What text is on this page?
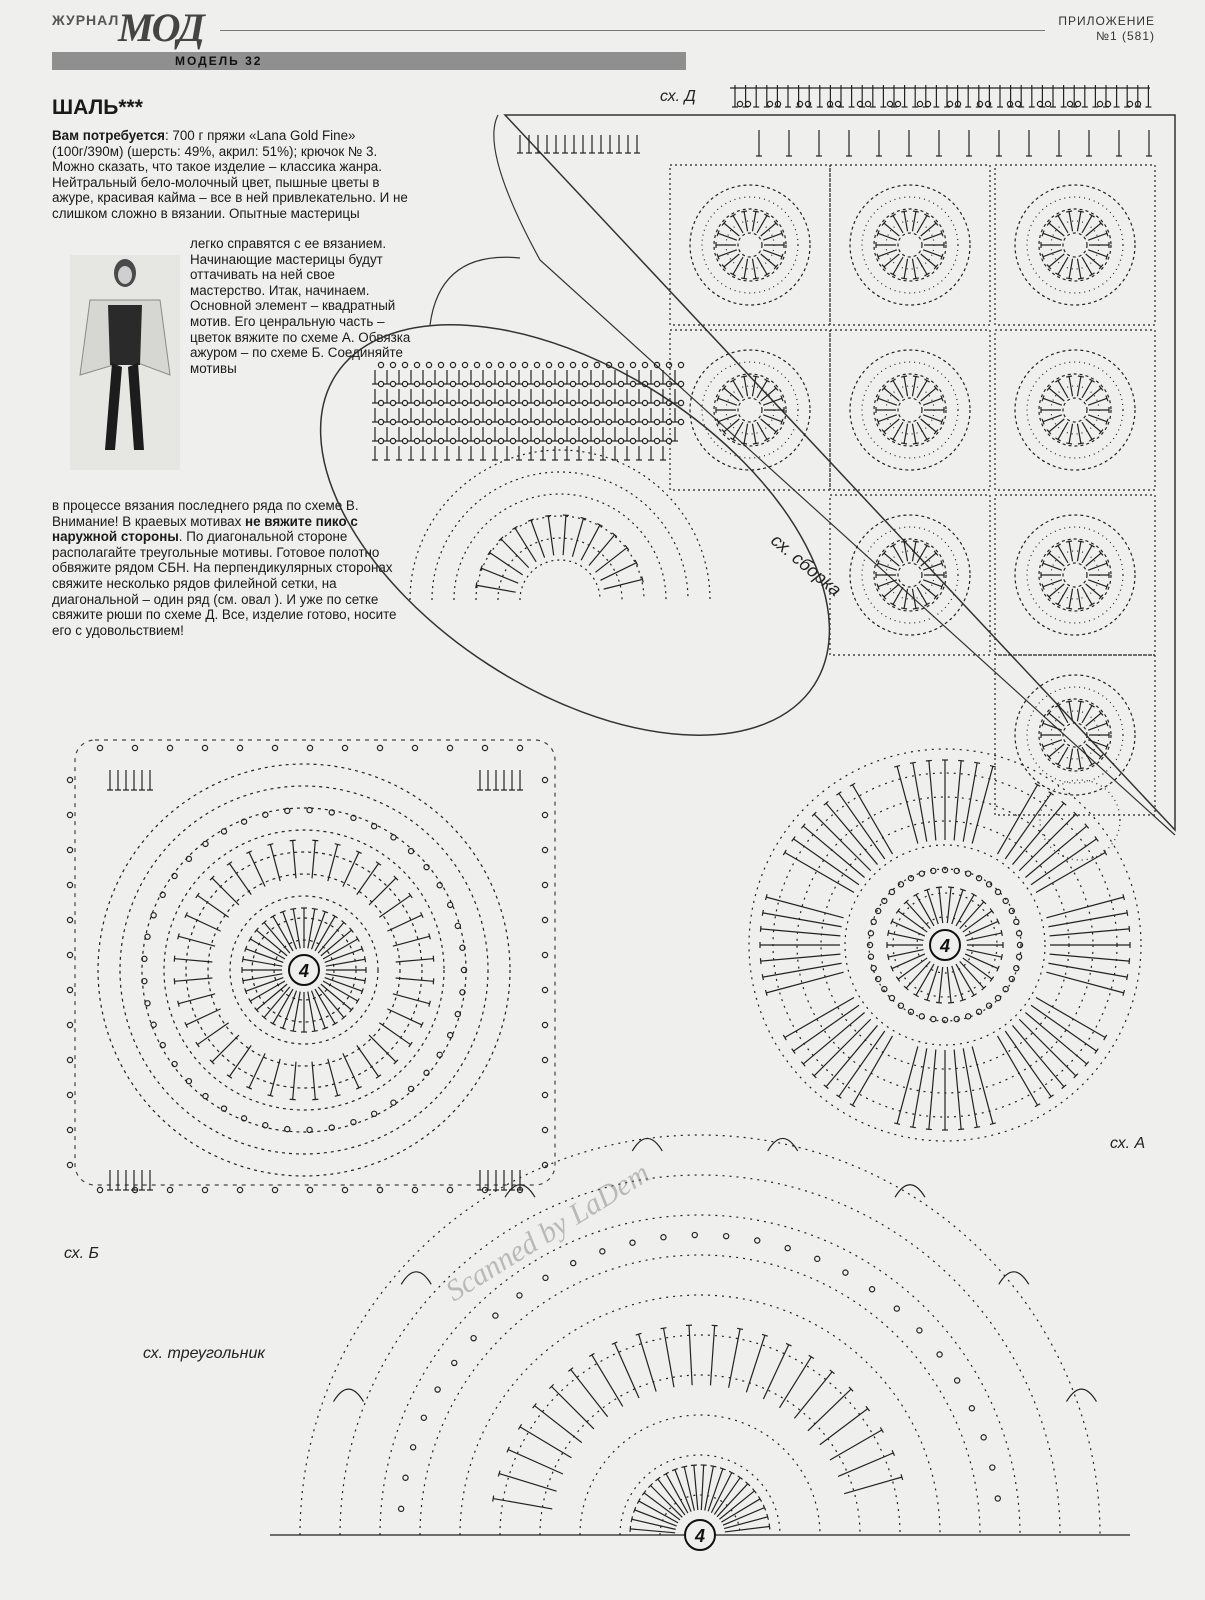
ЖУРНАЛ
МОД	ПРИЛОЖЕНИЕ
№1 (581)
МОДЕЛЬ 32
ШАЛЬ***
Вам потребуется: 700 г пряжи «Lana Gold Fine» (100г/390м) (шерсть: 49%, акрил: 51%); крючок № 3. Можно сказать, что такое изделие – классика жанра. Нейтральный бело-молочный цвет, пышные цветы в ажуре, красивая кайма – все в ней привлекательно. И не слишком сложно в вязании. Опытные мастерицы
легко справятся с ее вязанием. Начинающие мастерицы будут оттачивать на ней свое мастерство. Итак, начинаем. Основной элемент – квадратный мотив. Его ценральную часть – цветок вяжите по схеме А. Обвязка ажуром – по схеме Б. Соединяйте мотивы
в процессе вязания последнего ряда по схеме В. Внимание! В краевых мотивах не вяжите пико с наружной стороны. По диагональной стороне располагайте треугольные мотивы. Готовое полотно обвяжите рядом СБН. На перпендикулярных сторонах свяжите несколько рядов филейной сетки, на диагональной – один ряд (см. овал ). И уже по сетке свяжите рюши по схеме Д. Все, изделие готово, носите его с удовольствием!
4
4
4
сх. Д
сх. сборка
сх. А
сх. Б
сх. треугольник
Scanned by LaDem
